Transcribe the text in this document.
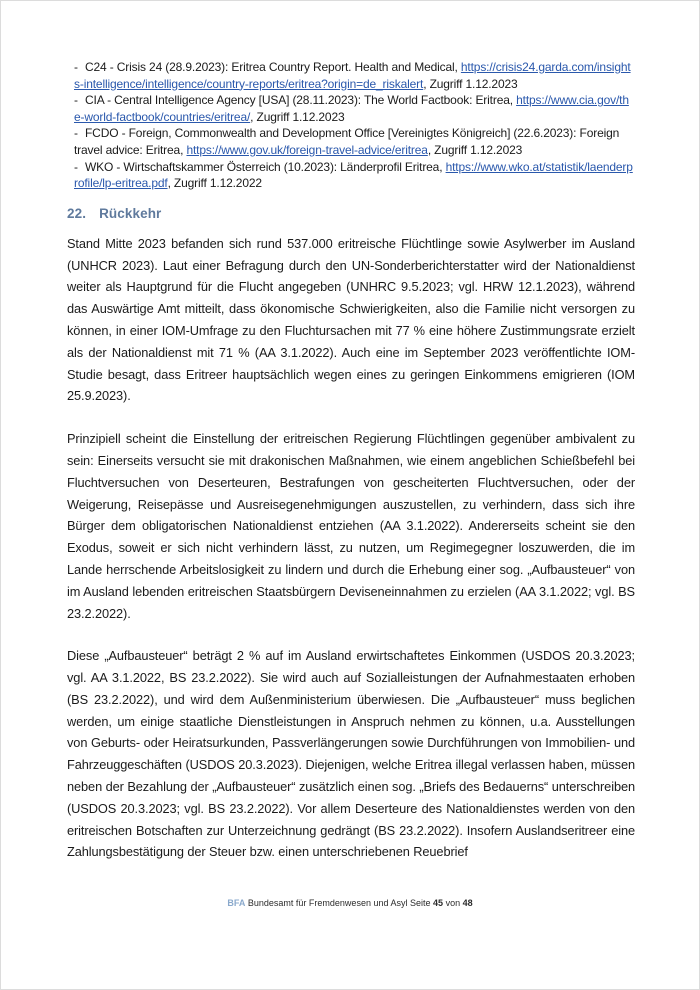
- C24 - Crisis 24 (28.9.2023): Eritrea Country Report. Health and Medical, https://crisis24.garda.com/insights-intelligence/intelligence/country-reports/eritrea?origin=de_riskalert, Zugriff 1.12.2023
- CIA - Central Intelligence Agency [USA] (28.11.2023): The World Factbook: Eritrea, https://www.cia.gov/the-world-factbook/countries/eritrea/, Zugriff 1.12.2023
- FCDO - Foreign, Commonwealth and Development Office [Vereinigtes Königreich] (22.6.2023): Foreign travel advice: Eritrea, https://www.gov.uk/foreign-travel-advice/eritrea, Zugriff 1.12.2023
- WKO - Wirtschaftskammer Österreich (10.2023): Länderprofil Eritrea, https://www.wko.at/statistik/laenderprofile/lp-eritrea.pdf, Zugriff 1.12.2022
22. Rückkehr

Stand Mitte 2023 befanden sich rund 537.000 eritreische Flüchtlinge sowie Asylwerber im Ausland (UNHCR 2023). Laut einer Befragung durch den UN-Sonderberichterstatter wird der Nationaldienst weiter als Hauptgrund für die Flucht angegeben (UNHRC 9.5.2023; vgl. HRW 12.1.2023), während das Auswärtige Amt mitteilt, dass ökonomische Schwierigkeiten, also die Familie nicht versorgen zu können, in einer IOM-Umfrage zu den Fluchtursachen mit 77 % eine höhere Zustimmungsrate erzielt als der Nationaldienst mit 71 % (AA 3.1.2022). Auch eine im September 2023 veröffentlichte IOM-Studie besagt, dass Eritreer hauptsächlich wegen eines zu geringen Einkommens emigrieren (IOM 25.9.2023).

Prinzipiell scheint die Einstellung der eritreischen Regierung Flüchtlingen gegenüber ambivalent zu sein: Einerseits versucht sie mit drakonischen Maßnahmen, wie einem angeblichen Schießbefehl bei Fluchtversuchen von Deserteuren, Bestrafungen von gescheiterten Fluchtversuchen, oder der Weigerung, Reisepässe und Ausreisegenehmigungen auszustellen, zu verhindern, dass sich ihre Bürger dem obligatorischen Nationaldienst entziehen (AA 3.1.2022). Andererseits scheint sie den Exodus, soweit er sich nicht verhindern lässt, zu nutzen, um Regimegegner loszuwerden, die im Lande herrschende Arbeitslosigkeit zu lindern und durch die Erhebung einer sog. „Aufbausteuer“ von im Ausland lebenden eritreischen Staatsbürgern Deviseneinnahmen zu erzielen (AA 3.1.2022; vgl. BS 23.2.2022).

Diese „Aufbausteuer“ beträgt 2 % auf im Ausland erwirtschaftetes Einkommen (USDOS 20.3.2023; vgl. AA 3.1.2022, BS 23.2.2022). Sie wird auch auf Sozialleistungen der Aufnahmestaaten erhoben (BS 23.2.2022), und wird dem Außenministerium überwiesen. Die „Aufbausteuer“ muss beglichen werden, um einige staatliche Dienstleistungen in Anspruch nehmen zu können, u.a. Ausstellungen von Geburts- oder Heiratsurkunden, Passverlängerungen sowie Durchführungen von Immobilien- und Fahrzeuggeschäften (USDOS 20.3.2023). Diejenigen, welche Eritrea illegal verlassen haben, müssen neben der Bezahlung der „Aufbausteuer“ zusätzlich einen sog. „Briefs des Bedauerns“ unterschreiben (USDOS 20.3.2023; vgl. BS 23.2.2022). Vor allem Deserteure des Nationaldienstes werden von den eritreischen Botschaften zur Unterzeichnung gedrängt (BS 23.2.2022). Insofern Auslandseritreer eine Zahlungsbestätigung der Steuer bzw. einen unterschriebenen Reuebrief

BFA Bundesamt für Fremdenwesen und Asyl Seite 45 von 48
